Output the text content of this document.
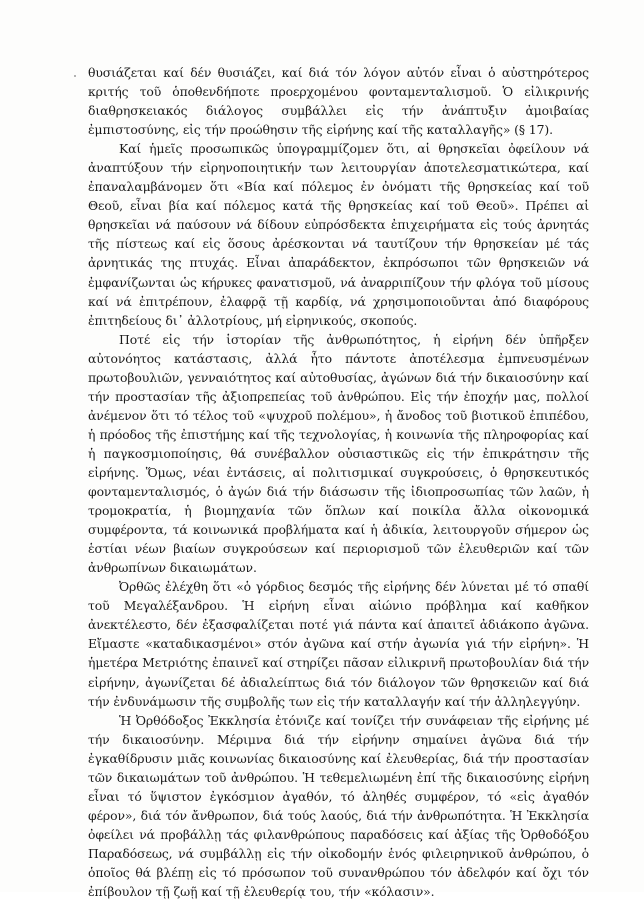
θυσιάζεται καί δέν θυσιάζει, καί διά τόν λόγον αὐτόν εἶναι ὁ αὐστηρότερος κριτής τοῦ ὁποθενδήποτε προερχομένου φονταμενταλισμοῦ. Ὁ εἰλικρινής διαθρησκειακός διάλογος συμβάλλει εἰς τήν ἀνάπτυξιν ἀμοιβαίας ἐμπιστοσύνης, εἰς τήν προώθησιν τῆς εἰρήνης καί τῆς καταλλαγῆς» (§ 17).

Καί ἡμεῖς προσωπικῶς ὑπογραμμίζομεν ὅτι, αἱ θρησκεῖαι ὀφείλουν νά ἀναπτύξουν τήν εἰρηνοποιητικήν των λειτουργίαν ἀποτελεσματικώτερα, καί ἐπαναλαμβάνομεν ὅτι «Βία καί πόλεμος ἐν ὀνόματι τῆς θρησκείας καί τοῦ Θεοῦ, εἶναι βία καί πόλεμος κατά τῆς θρησκείας καί τοῦ Θεοῦ». Πρέπει αἱ θρησκεῖαι νά παύσουν νά δίδουν εὐπρόσδεκτα ἐπιχειρήματα εἰς τούς ἀρνητάς τῆς πίστεως καί εἰς ὅσους ἀρέσκονται νά ταυτίζουν τήν θρησκείαν μέ τάς ἀρνητικάς της πτυχάς. Εἶναι ἀπαράδεκτον, ἐκπρόσωποι τῶν θρησκειῶν νά ἐμφανίζωνται ὡς κήρυκες φανατισμοῦ, νά ἀναρριπίζουν τήν φλόγα τοῦ μίσους καί νά ἐπιτρέπουν, ἐλαφρᾷ τῇ καρδίᾳ, νά χρησιμοποιοῦνται ἀπό διαφόρους ἐπιτηδείους δι᾽ ἀλλοτρίους, μή εἰρηνικούς, σκοπούς.

Ποτέ εἰς τήν ἱστορίαν τῆς ἀνθρωπότητος, ἡ εἰρήνη δέν ὑπῆρξεν αὐτονόητος κατάστασις, ἀλλά ἦτο πάντοτε ἀποτέλεσμα ἐμπνευσμένων πρωτοβουλιῶν, γενναιότητος καί αὐτοθυσίας, ἀγώνων διά τήν δικαιοσύνην καί τήν προστασίαν τῆς ἀξιοπρεπείας τοῦ ἀνθρώπου. Εἰς τήν ἐποχήν μας, πολλοί ἀνέμενον ὅτι τό τέλος τοῦ «ψυχροῦ πολέμου», ἡ ἄνοδος τοῦ βιοτικοῦ ἐπιπέδου, ἡ πρόοδος τῆς ἐπιστήμης καί τῆς τεχνολογίας, ἡ κοινωνία τῆς πληροφορίας καί ἡ παγκοσμιοποίησις, θά συνέβαλλον οὐσιαστικῶς εἰς τήν ἐπικράτησιν τῆς εἰρήνης. Ὅμως, νέαι ἐντάσεις, αἱ πολιτισμικαί συγκρούσεις, ὁ θρησκευτικός φονταμενταλισμός, ὁ ἀγών διά τήν διάσωσιν τῆς ἰδιοπροσωπίας τῶν λαῶν, ἡ τρομοκρατία, ἡ βιομηχανία τῶν ὅπλων καί ποικίλα ἄλλα οἰκονομικά συμφέροντα, τά κοινωνικά προβλήματα καί ἡ ἀδικία, λειτουργοῦν σήμερον ὡς ἑστίαι νέων βιαίων συγκρούσεων καί περιορισμοῦ τῶν ἐλευθεριῶν καί τῶν ἀνθρωπίνων δικαιωμάτων.

Ὀρθῶς ἐλέχθη ὅτι «ὁ γόρδιος δεσμός τῆς εἰρήνης δέν λύνεται μέ τό σπαθί τοῦ Μεγαλέξανδρου. Ἡ εἰρήνη εἶναι αἰώνιο πρόβλημα καί καθῆκον ἀνεκτέλεστο, δέν ἐξασφαλίζεται ποτέ γιά πάντα καί ἀπαιτεῖ ἀδιάκοπο ἀγῶνα. Εἴμαστε «καταδικασμένοι» στόν ἀγῶνα καί στήν ἀγωνία γιά τήν εἰρήνη». Ἡ ἡμετέρα Μετριότης ἐπαινεῖ καί στηρίζει πᾶσαν εἰλικρινῆ πρωτοβουλίαν διά τήν εἰρήνην, ἀγωνίζεται δέ ἀδιαλείπτως διά τόν διάλογον τῶν θρησκειῶν καί διά τήν ἐνδυνάμωσιν τῆς συμβολῆς των εἰς τήν καταλλαγήν καί τήν ἀλληλεγγύην.

Ἡ Ὀρθόδοξος Ἐκκλησία ἐτόνιζε καί τονίζει τήν συνάφειαν τῆς εἰρήνης μέ τήν δικαιοσύνην. Μέριμνα διά τήν εἰρήνην σημαίνει ἀγῶνα διά τήν ἐγκαθίδρυσιν μιᾶς κοινωνίας δικαιοσύνης καί ἐλευθερίας, διά τήν προστασίαν τῶν δικαιωμάτων τοῦ ἀνθρώπου. Ἡ τεθεμελιωμένη ἐπί τῆς δικαιοσύνης εἰρήνη εἶναι τό ὕψιστον ἐγκόσμιον ἀγαθόν, τό ἀληθές συμφέρον, τό «εἰς ἀγαθόν φέρον», διά τόν ἄνθρωπον, διά τούς λαούς, διά τήν ἀνθρωπότητα. Ἡ Ἐκκλησία ὀφείλει νά προβάλλῃ τάς φιλανθρώπους παραδόσεις καί ἀξίας τῆς Ὀρθοδόξου Παραδόσεως, νά συμβάλλῃ εἰς τήν οἰκοδομήν ἑνός φιλειρηνικοῦ ἀνθρώπου, ὁ ὁποῖος θά βλέπῃ εἰς τό πρόσωπον τοῦ συνανθρώπου τόν ἀδελφόν καί ὄχι τόν ἐπίβουλον τῇ ζωῇ καί τῇ ἐλευθερίᾳ του, τήν «κόλασιν».
